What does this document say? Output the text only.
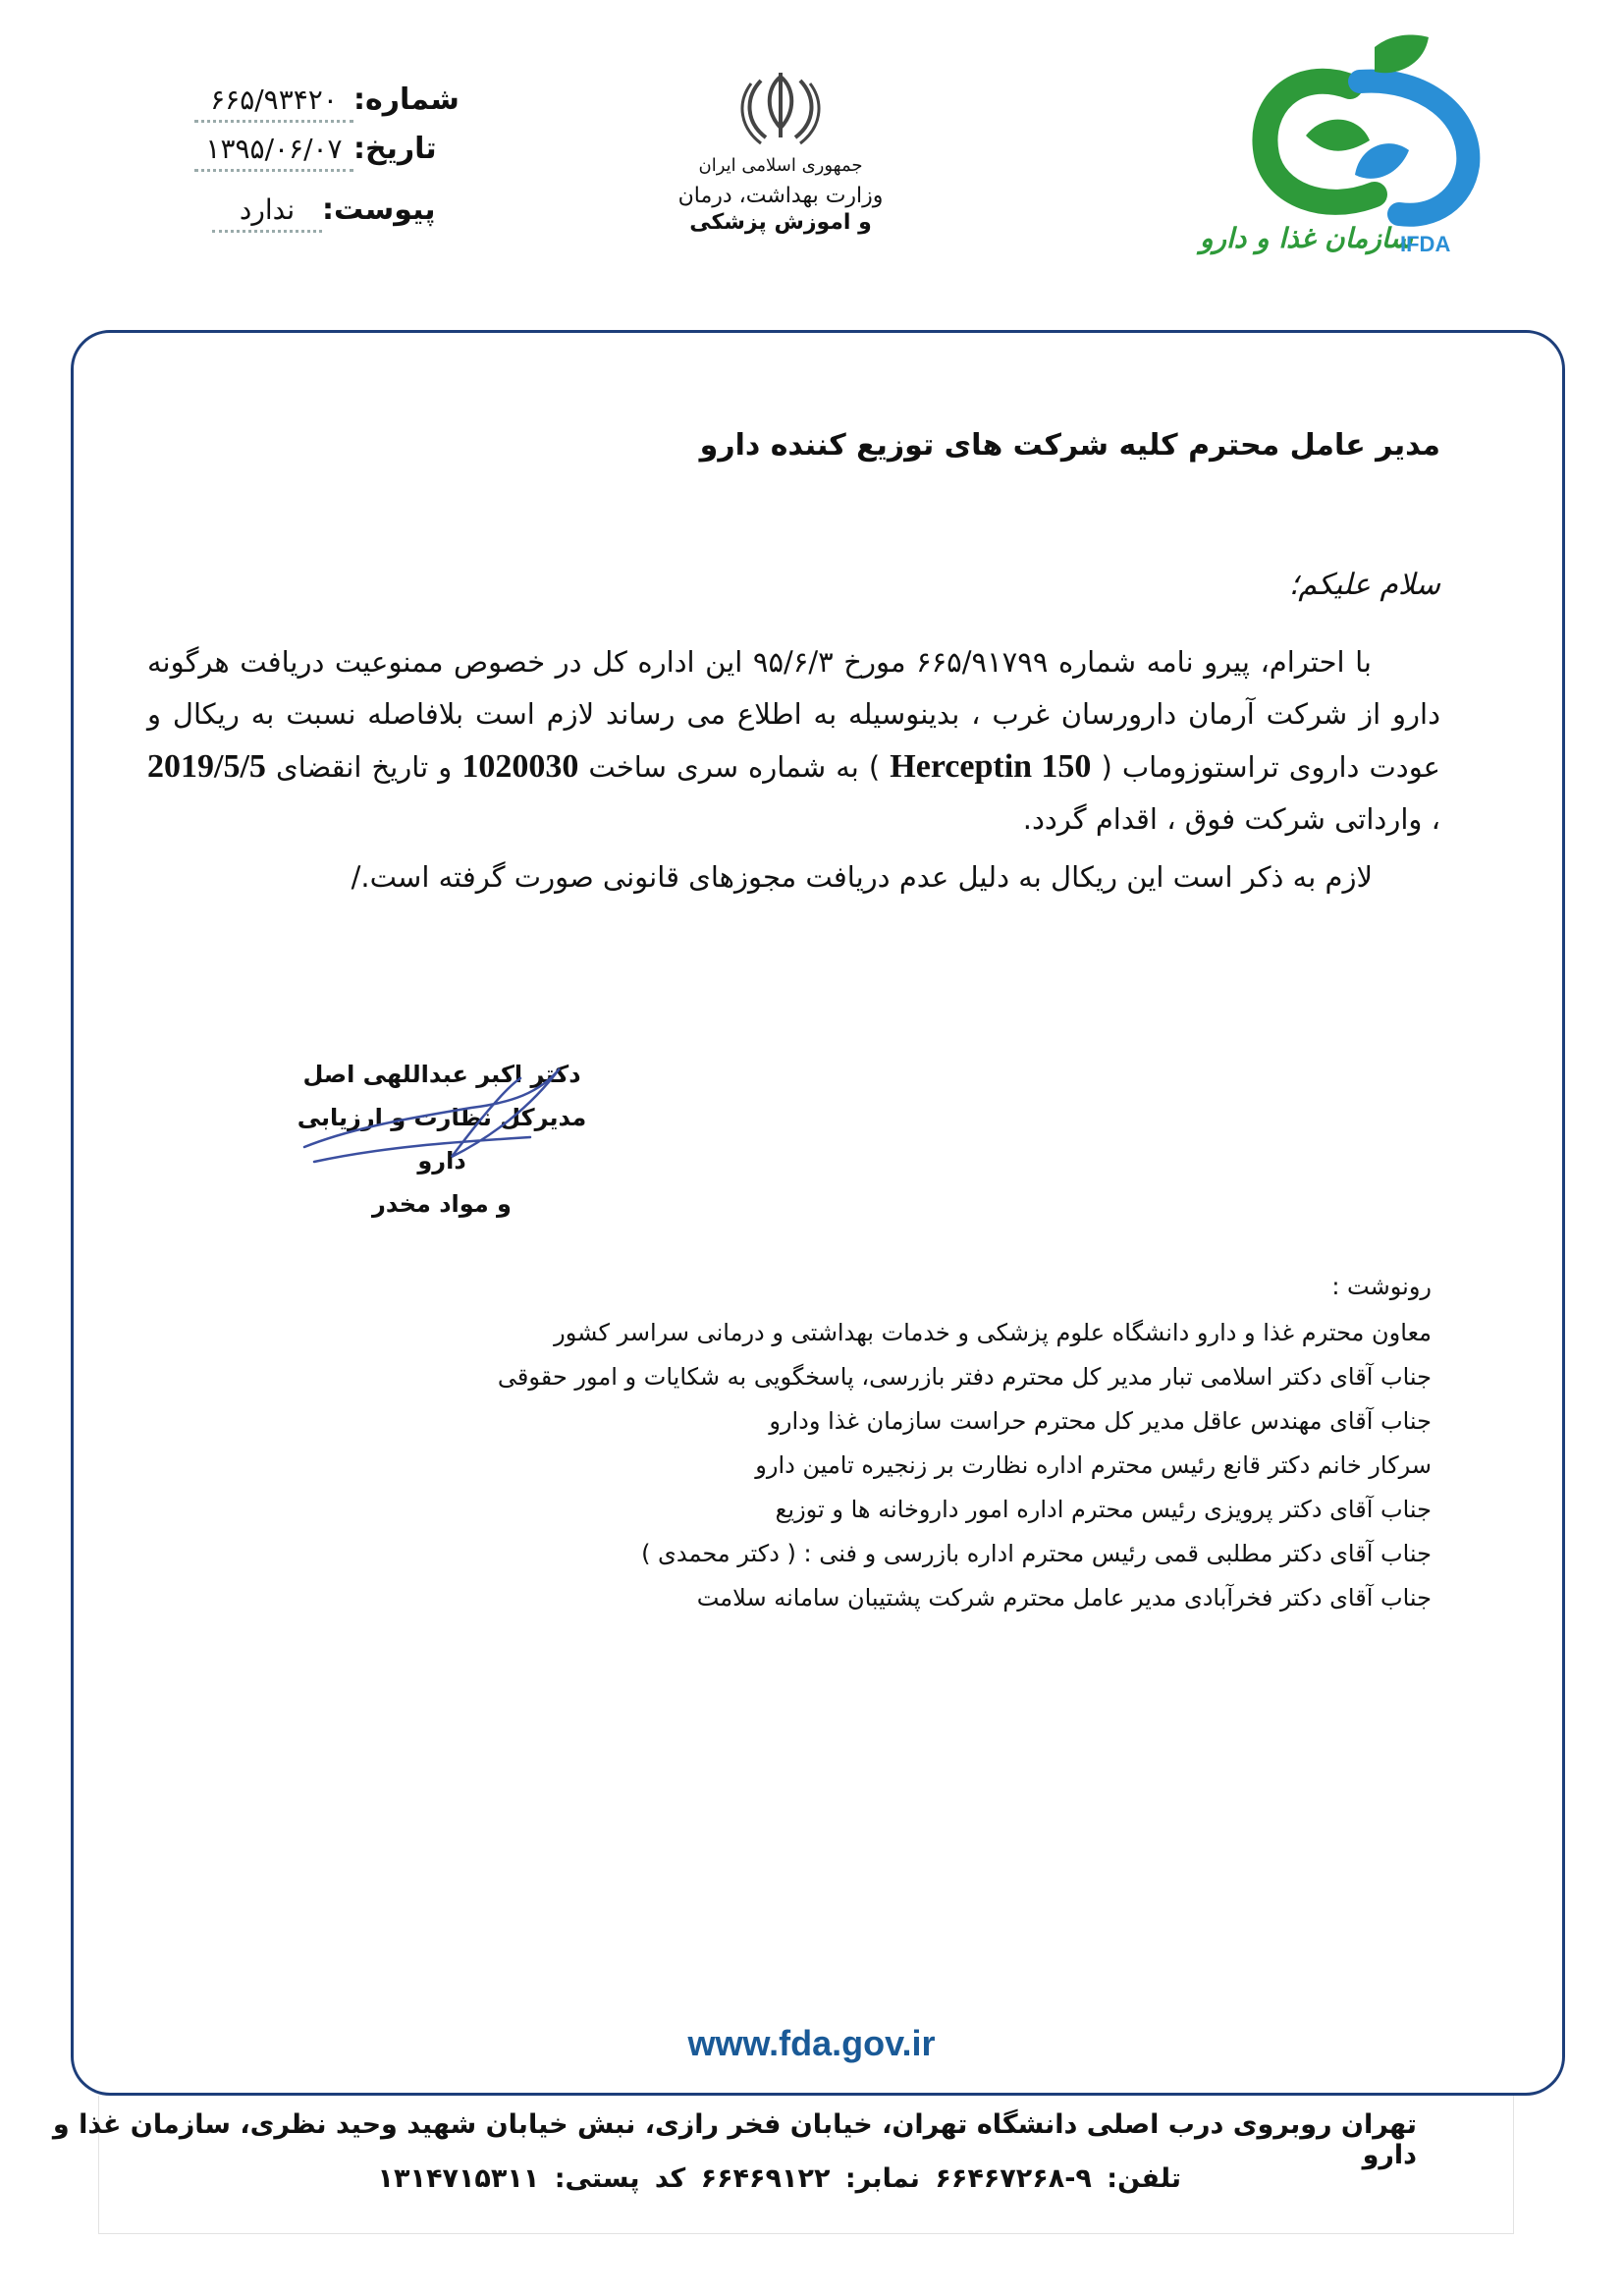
سازمان غذا و دارو
IFDA
جمهوری اسلامی ایران
وزارت بهداشت، درمان
و اموزش پزشکی
شماره:
۶۶۵/۹۳۴۲۰
تاریخ:
۱۳۹۵/۰۶/۰۷
پیوست:
ندارد
مدیر عامل محترم کلیه شرکت های توزیع کننده دارو
سلام علیکم؛

با احترام، پیرو نامه شماره ۶۶۵/۹۱۷۹۹ مورخ ۹۵/۶/۳ این اداره کل در خصوص ممنوعیت دریافت هرگونه دارو از شرکت آرمان دارورسان غرب ، بدینوسیله به اطلاع می رساند لازم است بلافاصله نسبت به ریکال و عودت داروی تراستوزوماب ( Herceptin 150 ) به شماره سری ساخت 1020030 و تاریخ انقضای 2019/5/5 ، وارداتی شرکت فوق ، اقدام گردد.

لازم به ذکر است این ریکال به دلیل عدم دریافت مجوزهای قانونی صورت گرفته است./
دکتر اکبر عبداللهی اصل
مدیرکل نظارت و ارزیابی دارو
و مواد مخدر
رونوشت :
معاون محترم غذا و دارو دانشگاه علوم پزشکی و خدمات بهداشتی و درمانی سراسر کشور
جناب آقای دکتر اسلامی تبار مدیر کل محترم دفتر بازرسی، پاسخگویی به شکایات و امور حقوقی
جناب آقای مهندس عاقل مدیر کل محترم حراست سازمان غذا ودارو
سرکار خانم دکتر قانع رئیس محترم اداره نظارت بر زنجیره تامین دارو
جناب آقای دکتر پرویزی رئیس محترم اداره امور داروخانه ها و توزیع
جناب آقای دکتر مطلبی قمی رئیس محترم اداره بازرسی و فنی : ( دکتر محمدی )
جناب آقای دکتر فخرآبادی مدیر عامل محترم شرکت پشتیبان سامانه سلامت
www.fda.gov.ir
تهران روبروی درب اصلی دانشگاه تهران، خیابان فخر رازی، نبش خیابان شهید وحید نظری، سازمان غذا و دارو
تلفن: ۹-۶۶۴۶۷۲۶۸ نمابر: ۶۶۴۶۹۱۲۲ کد پستی: ۱۳۱۴۷۱۵۳۱۱
